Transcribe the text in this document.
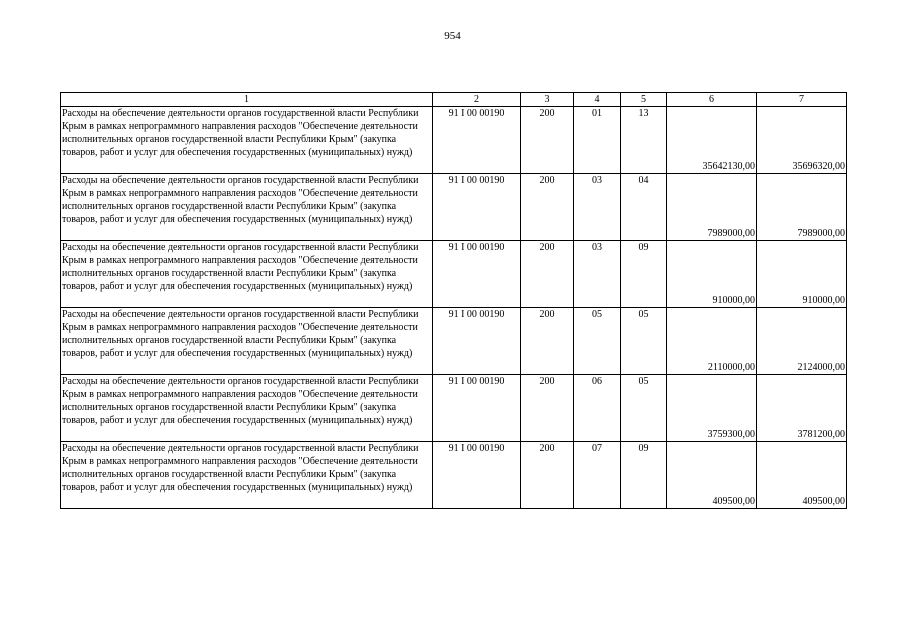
954
1	2	3	4	5	6	7
Расходы на обеспечение деятельности органов государственной власти Республики Крым в рамках непрограммного направления расходов "Обеспечение деятельности исполнительных органов государственной власти Республики Крым" (закупка товаров, работ и услуг для обеспечения государственных (муниципальных) нужд)	91 I 00 00190	200	01	13	35642130,00	35696320,00
Расходы на обеспечение деятельности органов государственной власти Республики Крым в рамках непрограммного направления расходов "Обеспечение деятельности исполнительных органов государственной власти Республики Крым" (закупка товаров, работ и услуг для обеспечения государственных (муниципальных) нужд)	91 I 00 00190	200	03	04	7989000,00	7989000,00
Расходы на обеспечение деятельности органов государственной власти Республики Крым в рамках непрограммного направления расходов "Обеспечение деятельности исполнительных органов государственной власти Республики Крым" (закупка товаров, работ и услуг для обеспечения государственных (муниципальных) нужд)	91 I 00 00190	200	03	09	910000,00	910000,00
Расходы на обеспечение деятельности органов государственной власти Республики Крым в рамках непрограммного направления расходов "Обеспечение деятельности исполнительных органов государственной власти Республики Крым" (закупка товаров, работ и услуг для обеспечения государственных (муниципальных) нужд)	91 I 00 00190	200	05	05	2110000,00	2124000,00
Расходы на обеспечение деятельности органов государственной власти Республики Крым в рамках непрограммного направления расходов "Обеспечение деятельности исполнительных органов государственной власти Республики Крым" (закупка товаров, работ и услуг для обеспечения государственных (муниципальных) нужд)	91 I 00 00190	200	06	05	3759300,00	3781200,00
Расходы на обеспечение деятельности органов государственной власти Республики Крым в рамках непрограммного направления расходов "Обеспечение деятельности исполнительных органов государственной власти Республики Крым" (закупка товаров, работ и услуг для обеспечения государственных (муниципальных) нужд)	91 I 00 00190	200	07	09	409500,00	409500,00
